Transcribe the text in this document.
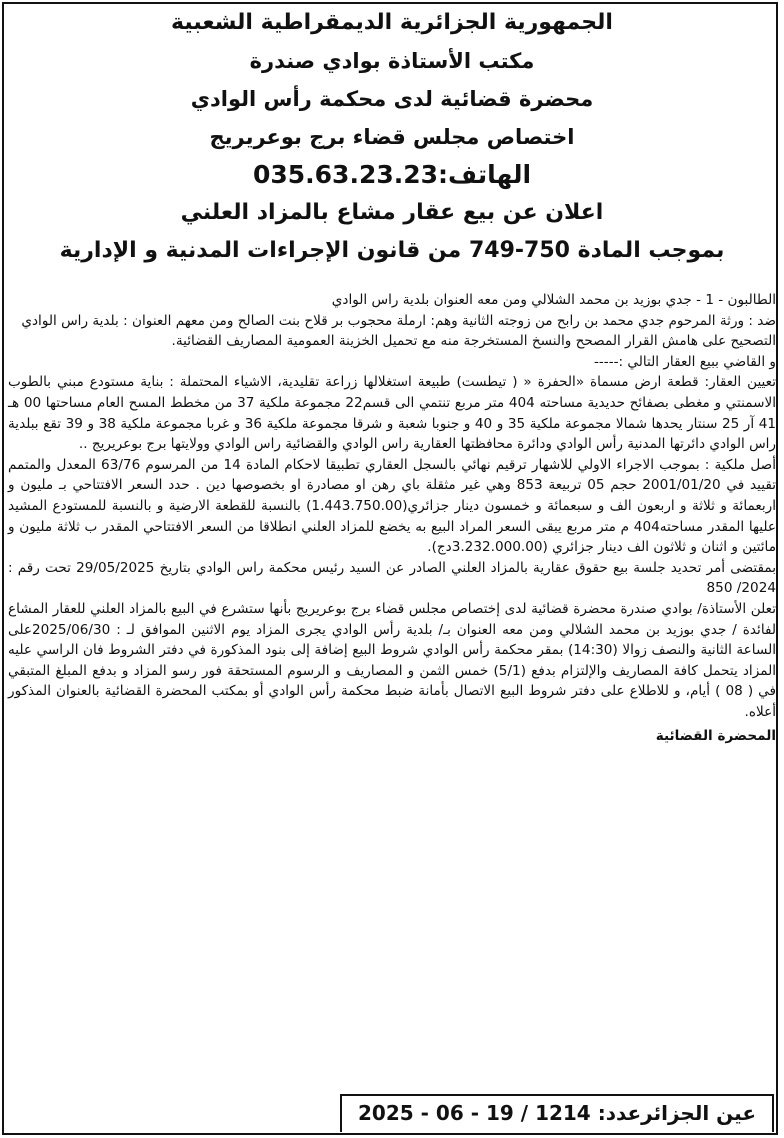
الجمهورية الجزائرية الديمقراطية الشعبية
مكتب الأستاذة بوادي صندرة
محضرة قضائية لدى محكمة رأس الوادي
اختصاص مجلس قضاء برج بوعريريج
الهاتف:035.63.23.23
اعلان عن بيع عقار مشاع بالمزاد العلني
بموجب المادة 750-749 من قانون الإجراءات المدنية و الإدارية

الطالبون - 1 - جدي بوزيد بن محمد الشلالي ومن معه العنوان بلدية راس الوادي

ضد : ورثة المرحوم جدي محمد بن رابح من زوجته الثانية وهم: ارملة محجوب بر قلاح بنت الصالح ومن معهم العنوان : بلدية راس الوادي

التصحيح على هامش القرار المصحح والنسخ المستخرجة منه مع تحميل الخزينة العمومية المصاريف القضائية.

و القاضي ببيع العقار التالي :-----

تعيين العقار: قطعة ارض مسماة «الحفرة « ( تيطست) طبيعة استغلالها زراعة تقليدية، الاشياء المحتملة : بناية مستودع مبني بالطوب الاسمنتي و مغطى بصفائح حديدية مساحته 404 متر مربع تنتمي الى قسم22 مجموعة ملكية 37 من مخطط المسح العام مساحتها 00 هـ 41 آر 25 سنتار يحدها شمالا مجموعة ملكية 35 و 40 و جنوبا شعبة و شرقا مجموعة ملكية 36 و غربا مجموعة ملكية 38 و 39 تقع ببلدية راس الوادي دائرتها المدنية رأس الوادي ودائرة محافظتها العقارية راس الوادي والقضائية راس الوادي وولايتها برج بوعريريج ..

أصل ملكية : بموجب الاجراء الاولي للاشهار ترقيم نهائي بالسجل العقاري تطبيقا لاحكام المادة 14 من المرسوم 63/76 المعدل والمتمم تقييد في 2001/01/20 حجم 05 تربيعة 853 وهي غير مثقلة باي رهن او مصادرة او بخصوصها دين . حدد السعر الافتتاحي بـ مليون و اربعمائة و ثلاثة و اربعون الف و سبعمائة و خمسون دينار جزائري(1.443.750.00) بالنسبة للقطعة الارضية و بالنسبة للمستودع المشيد عليها المقدر مساحته404 م متر مربع يبقى السعر المراد البيع به يخضع للمزاد العلني انطلاقا من السعر الافتتاحي المقدر ب ثلاثة مليون و مائتين و اثنان و ثلاثون الف دينار جزائري (3.232.000.00دج).

بمقتضى أمر تحديد جلسة بيع حقوق عقارية بالمزاد العلني الصادر عن السيد رئيس محكمة راس الوادي بتاريخ 29/05/2025 تحت رقم : 2024/ 850

تعلن الأستاذة/ بوادي صندرة محضرة قضائية لدى إختصاص مجلس قضاء برج بوعريريج بأنها ستشرع في البيع بالمزاد العلني للعقار المشاع لفائدة / جدي بوزيد بن محمد الشلالي ومن معه العنوان بـ/ بلدية رأس الوادي يجرى المزاد يوم الاثنين الموافق لـ : 2025/06/30على الساعة الثانية والنصف زوالا (14:30) بمقر محكمة رأس الوادي شروط البيع إضافة إلى بنود المذكورة في دفتر الشروط فان الراسي عليه المزاد يتحمل كافة المصاريف والإلتزام بدفع (5/1) خمس الثمن و المصاريف و الرسوم المستحقة فور رسو المزاد و بدفع المبلغ المتبقي في ( 08 ) أيام، و للاطلاع على دفتر شروط البيع الاتصال بأمانة ضبط محكمة رأس الوادي أو بمكتب المحضرة القضائية بالعنوان المذكور أعلاه.

المحضرة القضائية

عين الجزائرعدد: 1214 / 19 - 06 - 2025
